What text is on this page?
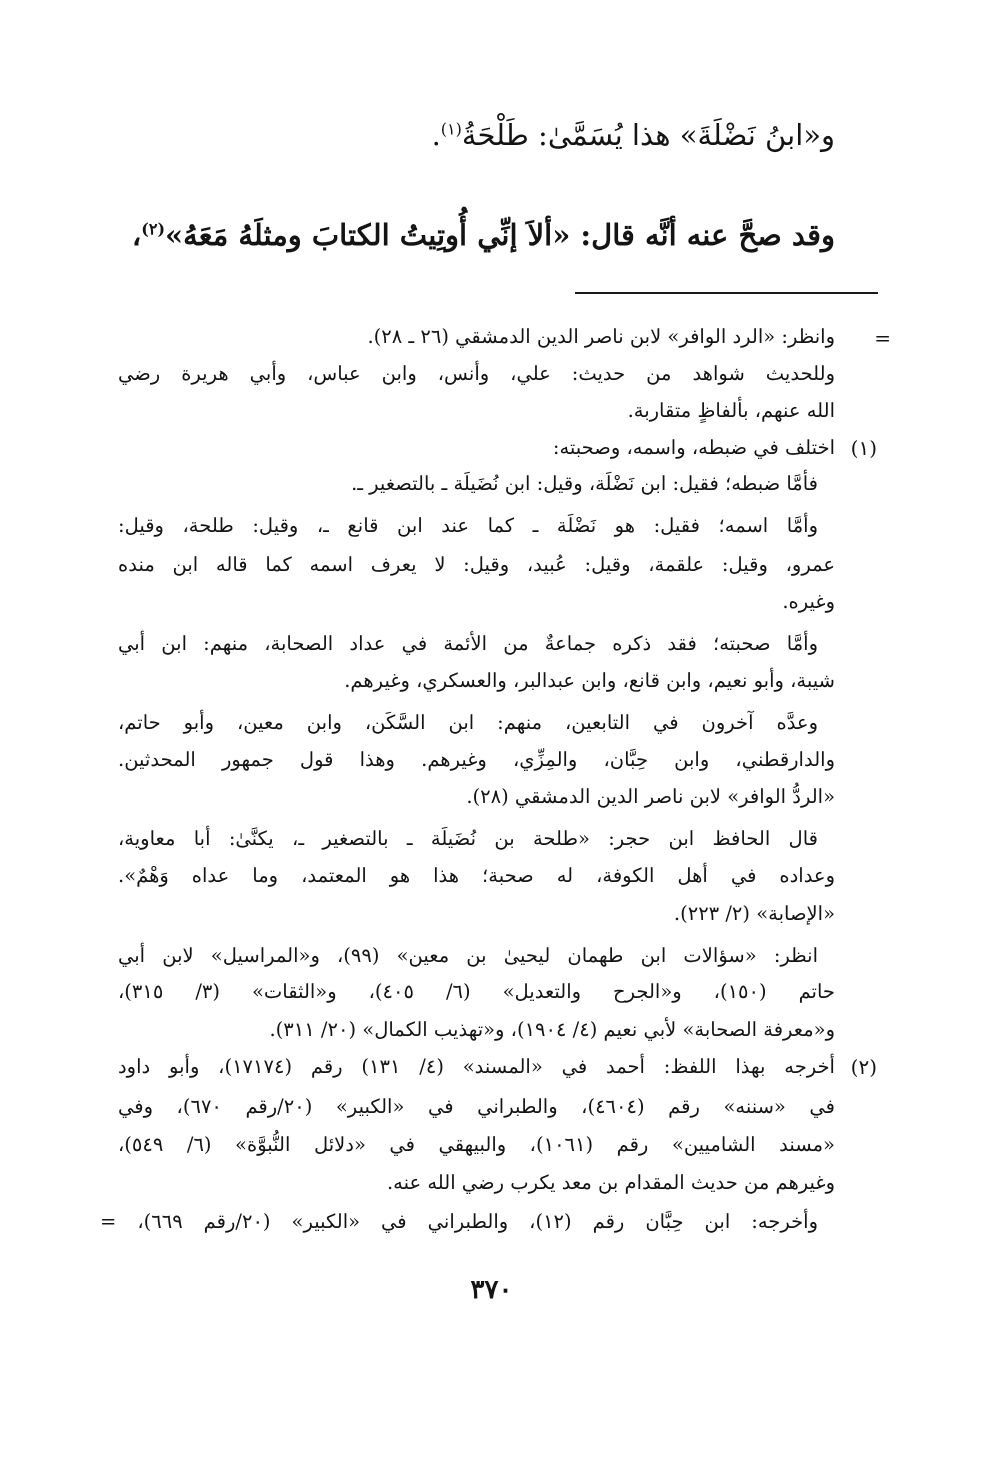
و«ابنُ نَضْلَةَ» هذا يُسَمَّىٰ: طَلْحَةُ$^{(١)}$.
وقد صحَّ عنه أنَّه قال: «ألاَ إنِّي أُوتِيتُ الكتابَ ومثلَهُ مَعَهُ»$^{(٢)}$،
=
وانظر: «الرد الوافر» لابن ناصر الدين الدمشقي (٢٦ ـ ٢٨).
وللحديث شواهد من حديث: علي، وأنس، وابن عباس، وأبي هريرة رضي
الله عنهم، بألفاظٍ متقاربة.
(١)
اختلف في ضبطه، واسمه، وصحبته:
فأمَّا ضبطه؛ فقيل: ابن نَضْلَة، وقيل: ابن نُضَيلَة ـ بالتصغير ـ.
وأمَّا اسمه؛ فقيل: هو نَضْلَة ـ كما عند ابن قانع ـ، وقيل: طلحة، وقيل:
عمرو، وقيل: علقمة، وقيل: عُبيد، وقيل: لا يعرف اسمه كما قاله ابن منده
وغيره.
وأمَّا صحبته؛ فقد ذكره جماعةٌ من الأئمة في عداد الصحابة، منهم: ابن أبي
شيبة، وأبو نعيم، وابن قانع، وابن عبدالبر، والعسكري، وغيرهم.
وعدَّه آخرون في التابعين، منهم: ابن السَّكَن، وابن معين، وأبو حاتم،
والدارقطني، وابن حِبَّان، والمِزِّي، وغيرهم. وهذا قول جمهور المحدثين.
«الردُّ الوافر» لابن ناصر الدين الدمشقي (٢٨).
قال الحافظ ابن حجر: «طلحة بن نُضَيلَة ـ بالتصغير ـ، يكنَّىٰ: أبا معاوية،
وعداده في أهل الكوفة، له صحبة؛ هذا هو المعتمد، وما عداه وَهْمٌ».
«الإصابة» (٢/ ٢٢٣).
انظر: «سؤالات ابن طهمان ليحيىٰ بن معين» (٩٩)، و«المراسيل» لابن أبي
حاتم (١٥٠)، و«الجرح والتعديل» (٦/ ٤٠٥)، و«الثقات» (٣/ ٣١٥)،
و«معرفة الصحابة» لأبي نعيم (٤/ ١٩٠٤)، و«تهذيب الكمال» (٢٠/ ٣١١).
(٢)
أخرجه بهذا اللفظ: أحمد في «المسند» (٤/ ١٣١) رقم (١٧١٧٤)، وأبو داود
في «سننه» رقم (٤٦٠٤)، والطبراني في «الكبير» (٢٠/رقم ٦٧٠)، وفي
«مسند الشاميين» رقم (١٠٦١)، والبيهقي في «دلائل النُّبوَّة» (٦/ ٥٤٩)،
وغيرهم من حديث المقدام بن معد يكرب رضي الله عنه.
وأخرجه: ابن حِبَّان رقم (١٢)، والطبراني في «الكبير» (٢٠/رقم ٦٦٩)، =
٣٧٠
